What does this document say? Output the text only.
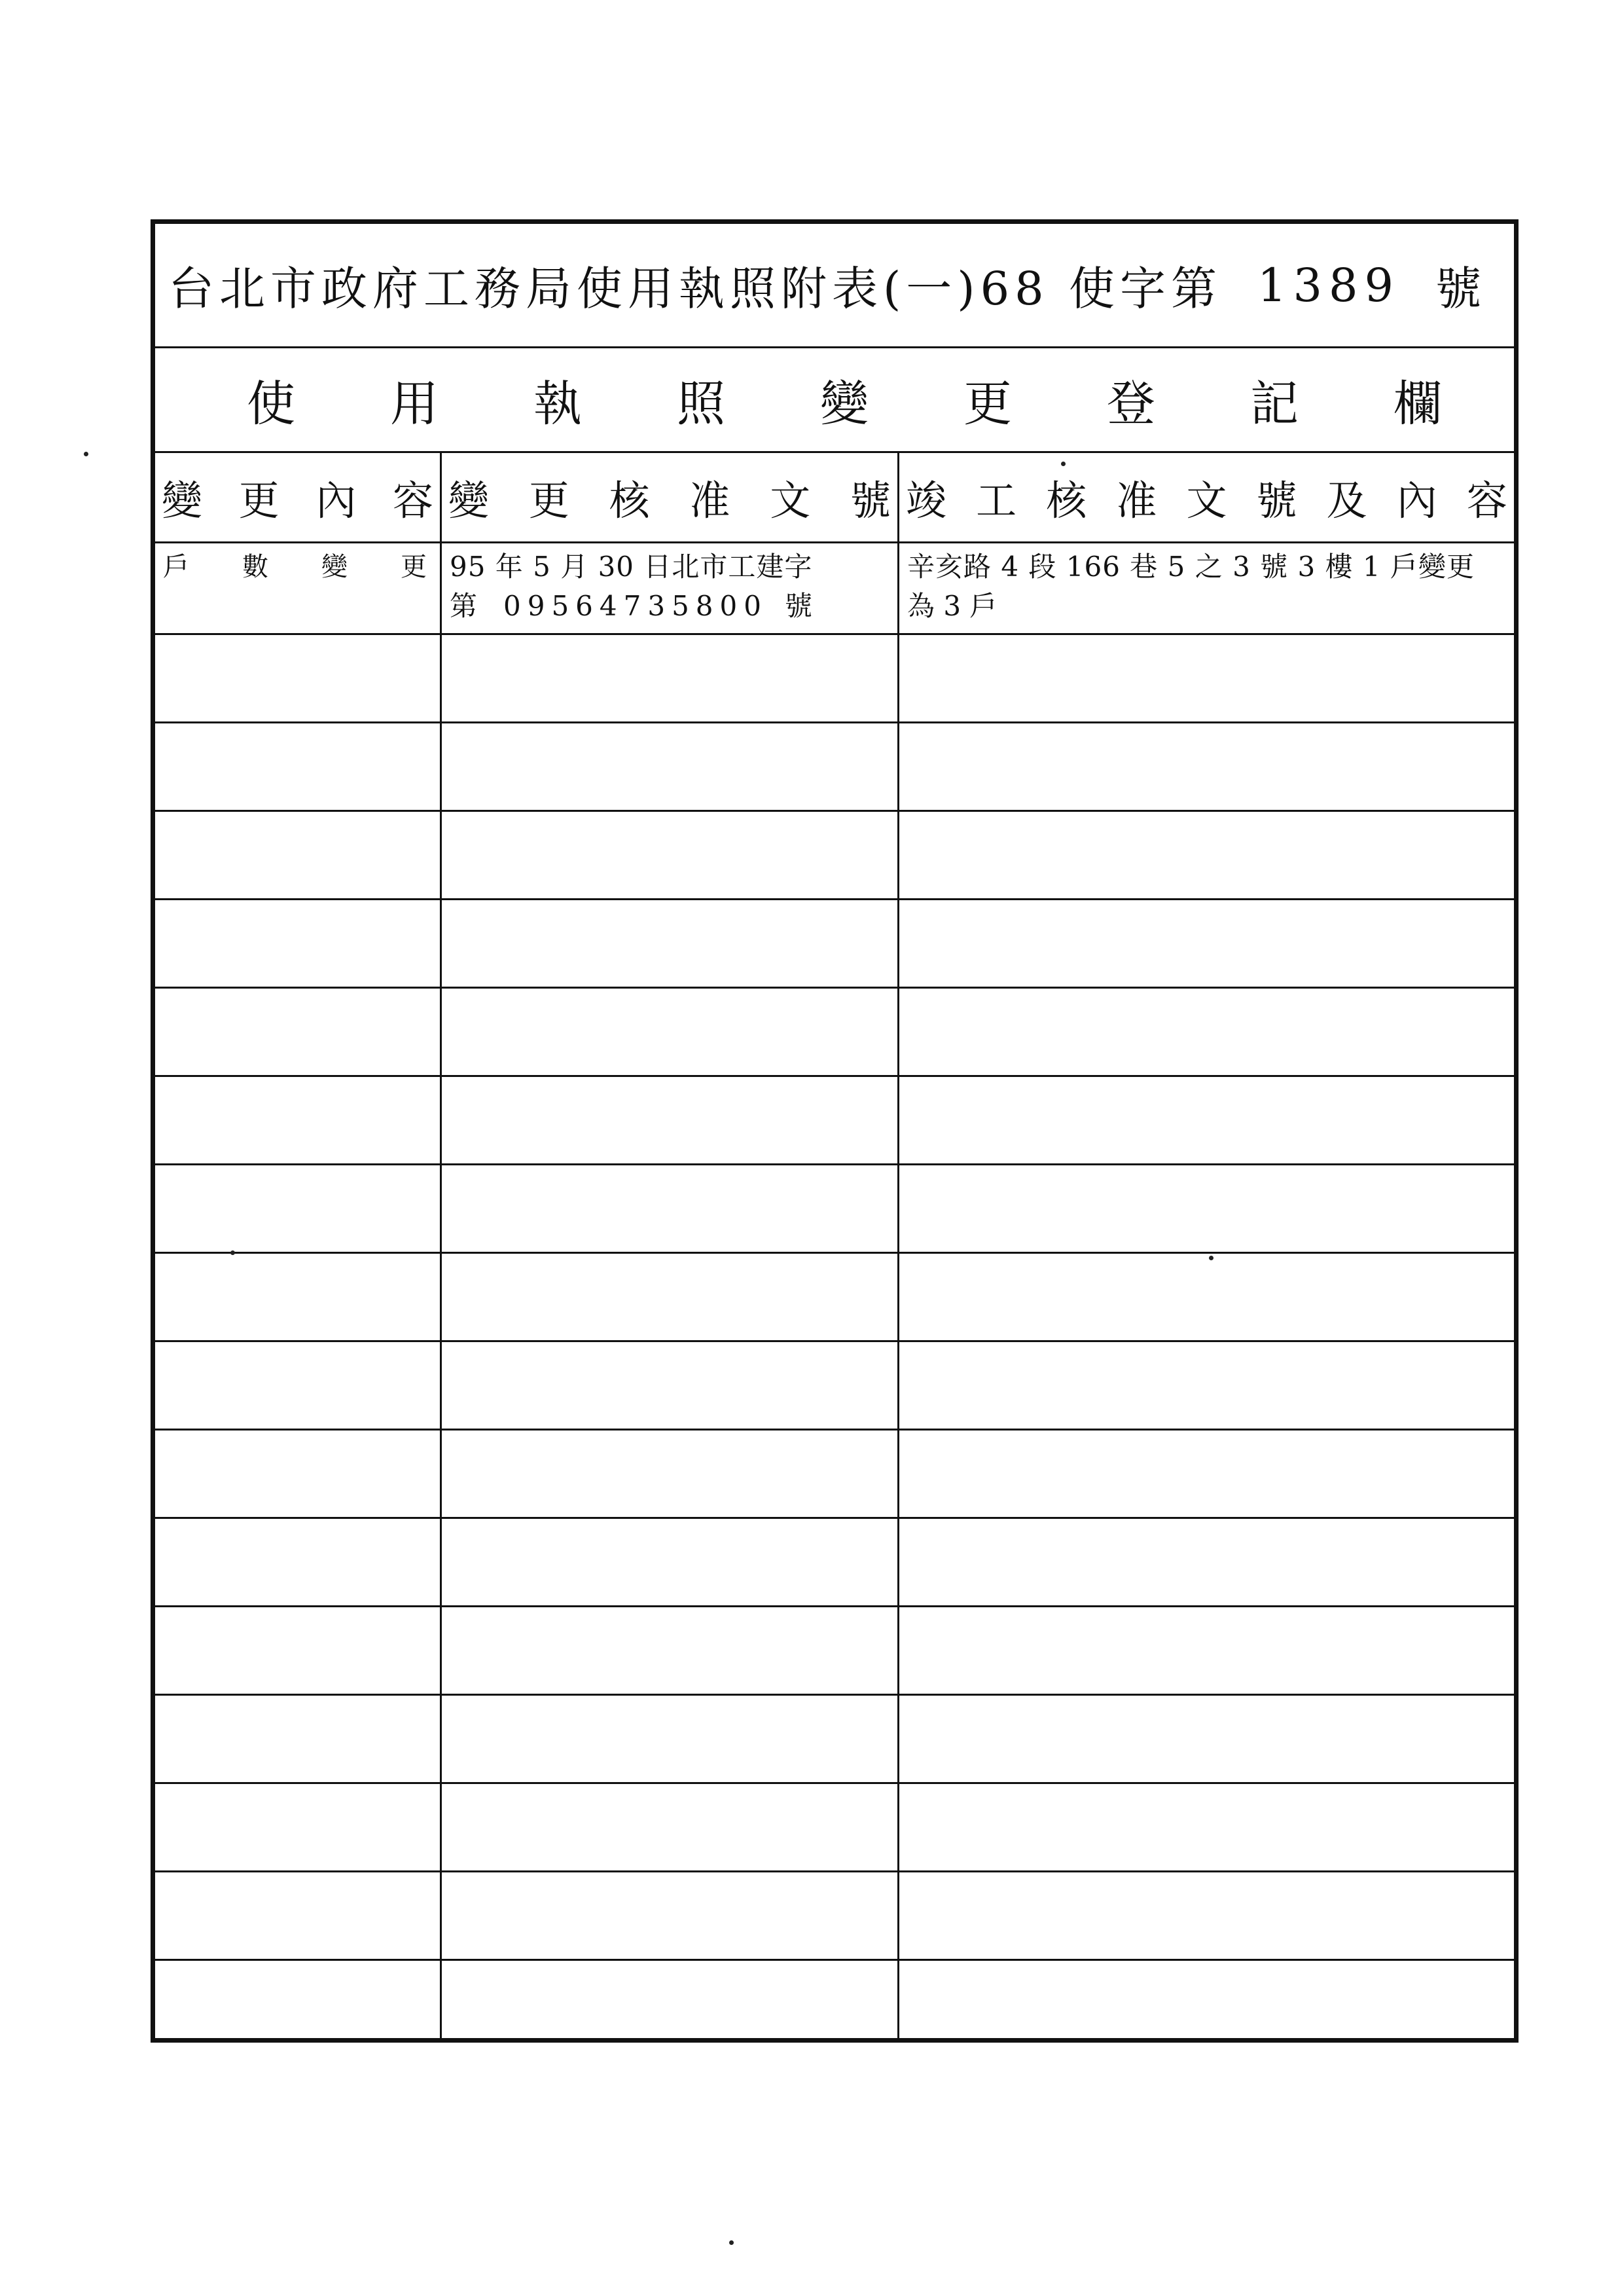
台北市政府工務局使用執照附表(一)68 使字第 1389 號
使 用 執 照 變 更 登 記 欄
變 更 內 容 變 更 核 准 文 號 竣 工 核 准 文 號 及 內 容
戶 數 變 更 95 年 5 月 30 日北市工建字
第 09564735800 號
辛亥路 4 段 166 巷 5 之 3 號 3 樓 1 戶變更
為 3 戶
